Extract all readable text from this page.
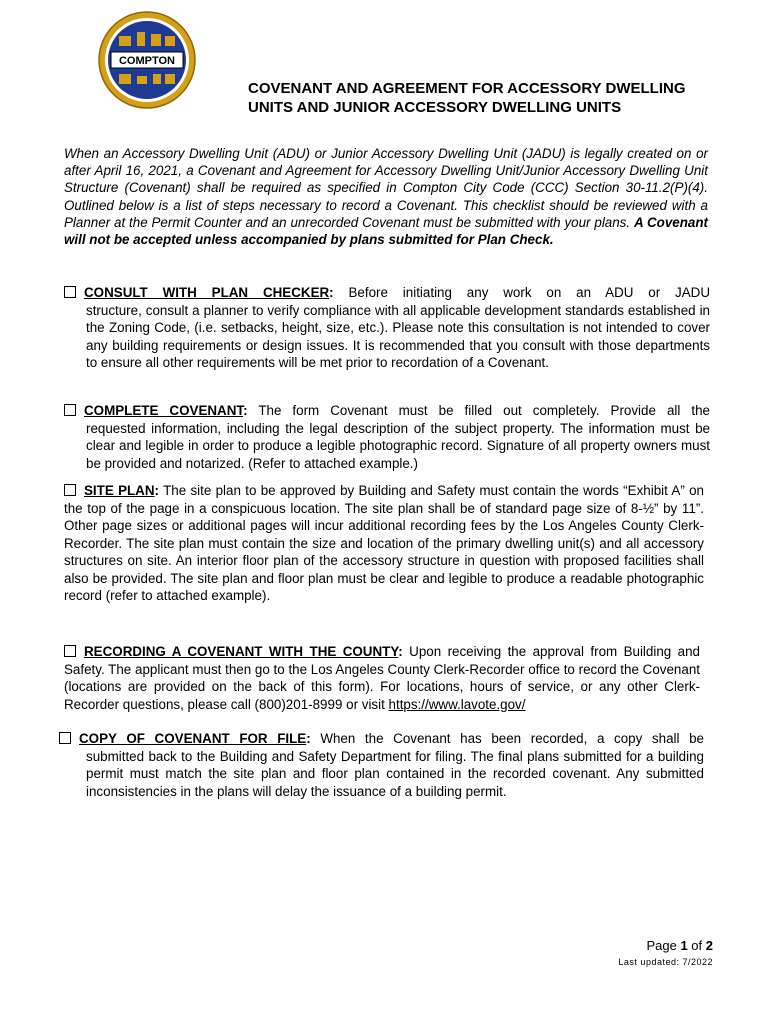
COMPTON
COVENANT AND AGREEMENT FOR ACCESSORY DWELLING
UNITS AND JUNIOR ACCESSORY DWELLING UNITS
When an Accessory Dwelling Unit (ADU) or Junior Accessory Dwelling Unit (JADU) is legally created on or after April 16, 2021, a Covenant and Agreement for Accessory Dwelling Unit/Junior Accessory Dwelling Unit Structure (Covenant) shall be required as specified in Compton City Code (CCC) Section 30-11.2(P)(4). Outlined below is a list of steps necessary to record a Covenant. This checklist should be reviewed with a Planner at the Permit Counter and an unrecorded Covenant must be submitted with your plans. A Covenant will not be accepted unless accompanied by plans submitted for Plan Check.
CONSULT WITH PLAN CHECKER: Before initiating any work on an ADU or JADU
structure, consult a planner to verify compliance with all applicable development standards established in the Zoning Code, (i.e. setbacks, height, size, etc.). Please note this consultation is not intended to cover any building requirements or design issues. It is recommended that you consult with those departments to ensure all other requirements will be met prior to recordation of a Covenant.
COMPLETE COVENANT: The form Covenant must be filled out completely. Provide all the
requested information, including the legal description of the subject property. The information must be clear and legible in order to produce a legible photographic record. Signature of all property owners must be provided and notarized. (Refer to attached example.)
SITE PLAN: The site plan to be approved by Building and Safety must contain the words “Exhibit A” on the top of the page in a conspicuous location. The site plan shall be of standard page size of 8-½” by 11”. Other page sizes or additional pages will incur additional recording fees by the Los Angeles County Clerk-Recorder. The site plan must contain the size and location of the primary dwelling unit(s) and all accessory structures on site. An interior floor plan of the accessory structure in question with proposed facilities shall also be provided. The site plan and floor plan must be clear and legible to produce a readable photographic record (refer to attached example).
RECORDING A COVENANT WITH THE COUNTY: Upon receiving the approval from Building and Safety. The applicant must then go to the Los Angeles County Clerk-Recorder office to record the Covenant (locations are provided on the back of this form). For locations, hours of service, or any other Clerk- Recorder questions, please call (800)201-8999 or visit https://www.lavote.gov/
COPY OF COVENANT FOR FILE: When the Covenant has been recorded, a copy shall be
submitted back to the Building and Safety Department for filing. The final plans submitted for a building permit must match the site plan and floor plan contained in the recorded covenant. Any submitted inconsistencies in the plans will delay the issuance of a building permit.
Page 1 of 2
Last updated: 7/2022
